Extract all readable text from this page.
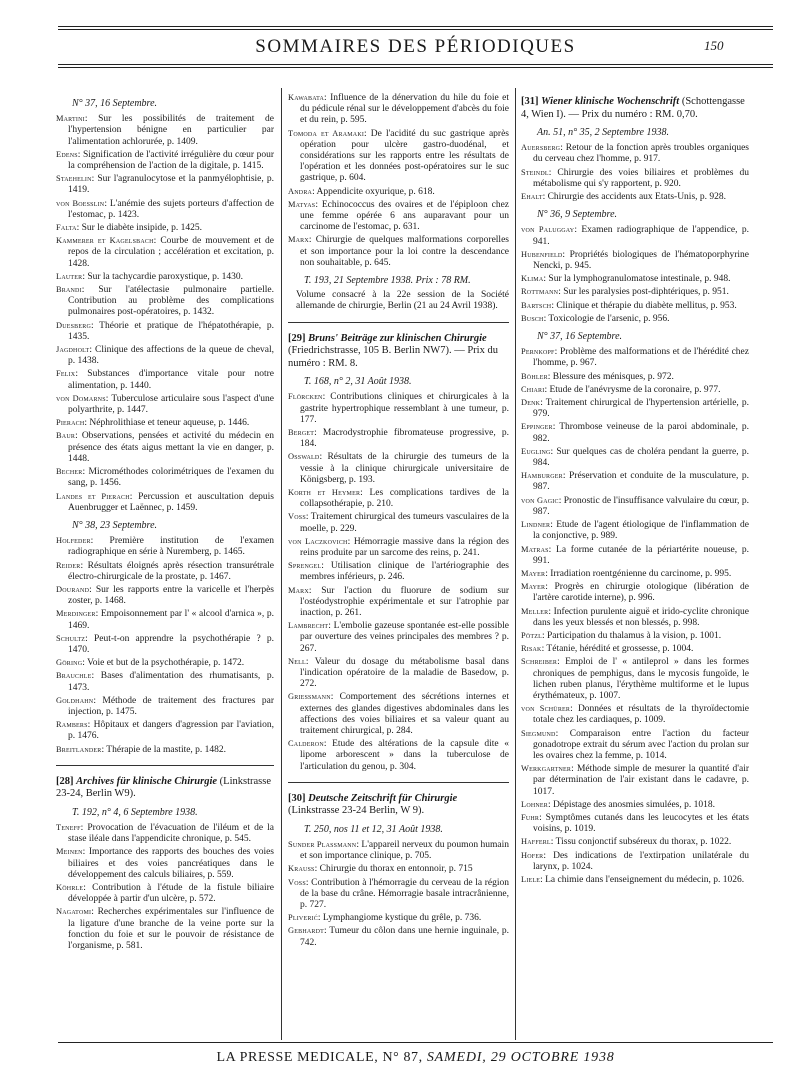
SOMMAIRES DES PÉRIODIQUES	150
N° 37, 16 Septembre.
Martini: Sur les possibilités de traitement de l'hypertension bénigne en particulier par l'alimentation achlorurée, p. 1409.
Edens: Signification de l'activité irrégulière du cœur pour la compréhension de l'action de la digitale, p. 1415.
Staehelin: Sur l'agranulocytose et la panmyélophtisie, p. 1419.
von Boesslin: L'anémie des sujets porteurs d'affection de l'estomac, p. 1423.
Falta: Sur le diabète insipide, p. 1425.
Kammerer et Kagelsbach: Courbe de mouvement et de repos de la circulation ; accélération et excitation, p. 1428.
Lauter: Sur la tachycardie paroxystique, p. 1430.
Brandi: Sur l'atélectasie pulmonaire partielle. Contribution au problème des complications pulmonaires post-opératoires, p. 1432.
Duesberg: Théorie et pratique de l'hépatothérapie, p. 1435.
Jagdholt: Clinique des affections de la queue de cheval, p. 1438.
Felix: Substances d'importance vitale pour notre alimentation, p. 1440.
von Domarns: Tuberculose articulaire sous l'aspect d'une polyarthrite, p. 1447.
Pierach: Néphrolithiase et teneur aqueuse, p. 1446.
Baur: Observations, pensées et activité du médecin en présence des états aigus mettant la vie en danger, p. 1448.
Becher: Microméthodes colorimétriques de l'examen du sang, p. 1456.
Landes et Pierach: Percussion et auscultation depuis Auenbrugger et Laënnec, p. 1459.
N° 38, 23 Septembre.
Holfeder: Première institution de l'examen radiographique en série à Nuremberg, p. 1465.
Reider: Résultats éloignés après résection transurétrale électro-chirurgicale de la prostate, p. 1467.
Dourand: Sur les rapports entre la varicelle et l'herpès zoster, p. 1468.
Merdinger: Empoisonnement par l' « alcool d'arnica », p. 1469.
Schultz: Peut-t-on apprendre la psychothérapie ? p. 1470.
Göring: Voie et but de la psychothérapie, p. 1472.
Brauchle: Bases d'alimentation des rhumatisants, p. 1473.
Goldhahn: Méthode de traitement des fractures par injection, p. 1475.
Rambers: Hôpitaux et dangers d'agression par l'aviation, p. 1476.
Breitlander: Thérapie de la mastite, p. 1482.
[28] Archives für klinische Chirurgie (Linkstrasse 23-24, Berlin W9).
T. 192, n° 4, 6 Septembre 1938.
Teneff: Provocation de l'évacuation de l'iléum et de la stase iléale dans l'appendicite chronique, p. 545.
Meinen: Importance des rapports des bouches des voies biliaires et des voies pancréatiques dans le développement des calculs biliaires, p. 559.
Köhrle: Contribution à l'étude de la fistule biliaire développée à partir d'un ulcère, p. 572.
Nagatomi: Recherches expérimentales sur l'influence de la ligature d'une branche de la veine porte sur la fonction du foie et sur le pouvoir de résistance de l'organisme, p. 581.
Kawabata: Influence de la dénervation du hile du foie et du pédicule rénal sur le développement d'abcès du foie et du rein, p. 595.
Tomoda et Aramaki: De l'acidité du suc gastrique après opération pour ulcère gastro-duodénal, et considérations sur les rapports entre les résultats de l'opération et les données post-opératoires sur le suc gastrique, p. 604.
Andra: Appendicite oxyurique, p. 618.
Matyas: Echinococcus des ovaires et de l'épiploon chez une femme opérée 6 ans auparavant pour un carcinome de l'estomac, p. 631.
Marx: Chirurgie de quelques malformations corporelles et son importance pour la loi contre la descendance non souhaitable, p. 645.
T. 193, 21 Septembre 1938. Prix : 78 RM.
Volume consacré à la 22e session de la Société allemande de chirurgie, Berlin (21 au 24 Avril 1938).
[29] Bruns' Beiträge zur klinischen Chirurgie (Friedrichstrasse, 105 B. Berlin NW7). — Prix du numéro : RM. 8.
T. 168, n° 2, 31 Août 1938.
Flörcken: Contributions cliniques et chirurgicales à la gastrite hypertrophique ressemblant à une tumeur, p. 177.
Berget: Macrodystrophie fibromateuse progressive, p. 184.
Osswald: Résultats de la chirurgie des tumeurs de la vessie à la clinique chirurgicale universitaire de Königsberg, p. 193.
Korth et Heymer: Les complications tardives de la collapsothérapie, p. 210.
Voss: Traitement chirurgical des tumeurs vasculaires de la moelle, p. 229.
von Laczkovich: Hémorragie massive dans la région des reins produite par un sarcome des reins, p. 241.
Sprengel: Utilisation clinique de l'artériographie des membres inférieurs, p. 246.
Marx: Sur l'action du fluorure de sodium sur l'ostéodystrophie expérimentale et sur l'atrophie par inaction, p. 261.
Lambrecht: L'embolie gazeuse spontanée est-elle possible par ouverture des veines principales des membres ? p. 267.
Nell: Valeur du dosage du métabolisme basal dans l'indication opératoire de la maladie de Basedow, p. 272.
Griessmann: Comportement des sécrétions internes et externes des glandes digestives abdominales dans les affections des voies biliaires et sa valeur quant au traitement chirurgical, p. 284.
Calderon: Etude des altérations de la capsule dite « lipome arborescent » dans la tuberculose de l'articulation du genou, p. 304.
[30] Deutsche Zeitschrift für Chirurgie (Linkstrasse 23-24 Berlin, W 9).
T. 250, nos 11 et 12, 31 Août 1938.
Sunder Plassmann: L'appareil nerveux du poumon humain et son importance clinique, p. 705.
Krauss: Chirurgie du thorax en entonnoir, p. 715
Voss: Contribution à l'hémorragie du cerveau de la région de la base du crâne. Hémorragie basale intracrânienne, p. 727.
Pliverić: Lymphangiome kystique du grêle, p. 736.
Gebhardt: Tumeur du côlon dans une hernie inguinale, p. 742.
[31] Wiener klinische Wochenschrift (Schottengasse 4, Wien I). — Prix du numéro : RM. 0,70.
An. 51, n° 35, 2 Septembre 1938.
Auersberg: Retour de la fonction après troubles organiques du cerveau chez l'homme, p. 917.
Steindl: Chirurgie des voies biliaires et problèmes du métabolisme qui s'y rapportent, p. 920.
Ehalt: Chirurgie des accidents aux Etats-Unis, p. 928.
N° 36, 9 Septembre.
von Paluggay: Examen radiographique de l'appendice, p. 941.
Hubenfield: Propriétés biologiques de l'hématoporphyrine Nencki, p. 945.
Klima: Sur la lymphogranulomatose intestinale, p. 948.
Rottmann: Sur les paralysies post-diphtériques, p. 951.
Bartsch: Clinique et thérapie du diabète mellitus, p. 953.
Busch: Toxicologie de l'arsenic, p. 956.
N° 37, 16 Septembre.
Pernkopf: Problème des malformations et de l'hérédité chez l'homme, p. 967.
Böhler: Blessure des ménisques, p. 972.
Chiari: Etude de l'anévrysme de la coronaire, p. 977.
Denk: Traitement chirurgical de l'hypertension artérielle, p. 979.
Eppinger: Thrombose veineuse de la paroi abdominale, p. 982.
Eugling: Sur quelques cas de choléra pendant la guerre, p. 984.
Hamburger: Préservation et conduite de la musculature, p. 987.
von Gagic: Pronostic de l'insuffisance valvulaire du cœur, p. 987.
Lindner: Etude de l'agent étiologique de l'inflammation de la conjonctive, p. 989.
Matras: La forme cutanée de la périartérite noueuse, p. 991.
Mayer: Irradiation roentgénienne du carcinome, p. 995.
Mayer: Progrès en chirurgie otologique (libération de l'artère carotide interne), p. 996.
Meller: Infection purulente aiguë et irido-cyclite chronique dans les yeux blessés et non blessés, p. 998.
Pötzl: Participation du thalamus à la vision, p. 1001.
Risak: Tétanie, hérédité et grossesse, p. 1004.
Schreiber: Emploi de l' « antileprol » dans les formes chroniques de pemphigus, dans le mycosis fungoïde, le lichen ruben planus, l'érythème multiforme et le lupus érythémateux, p. 1007.
von Schürer: Données et résultats de la thyroïdectomie totale chez les cardiaques, p. 1009.
Siegmund: Comparaison entre l'action du facteur gonadotrope extrait du sérum avec l'action du prolan sur les ovaires chez la femme, p. 1014.
Werkgartner: Méthode simple de mesurer la quantité d'air par détermination de l'air existant dans le cadavre, p. 1017.
Lohner: Dépistage des anosmies simulées, p. 1018.
Fuhr: Symptômes cutanés dans les leucocytes et les états voisins, p. 1019.
Hafferl: Tissu conjonctif subséreux du thorax, p. 1022.
Hofer: Des indications de l'extirpation unilatérale du larynx, p. 1024.
Liele: La chimie dans l'enseignement du médecin, p. 1026.
LA PRESSE MEDICALE, N° 87, SAMEDI, 29 OCTOBRE 1938
